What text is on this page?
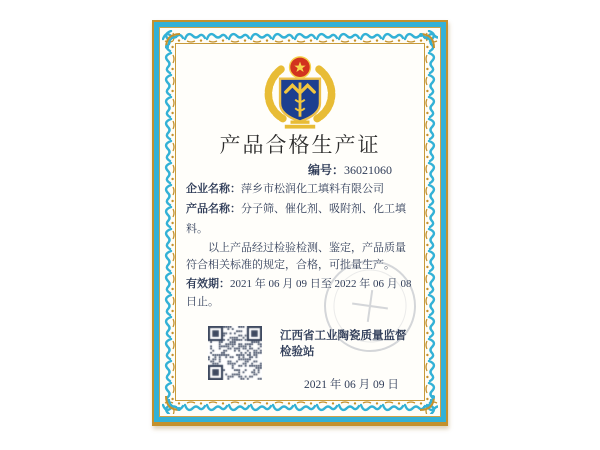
产品合格生产证
编号：36021060
企业名称：萍乡市松润化工填料有限公司
产品名称：分子筛、催化剂、吸附剂、化工填料。

以上产品经过检验检测、鉴定，产品质量符合相关标准的规定，合格，可批量生产。

有效期：2021 年 06 月 09 日至 2022 年 06 月 08 日止。
江西省工业陶瓷质量监督检验站
2021 年 06 月 09 日
